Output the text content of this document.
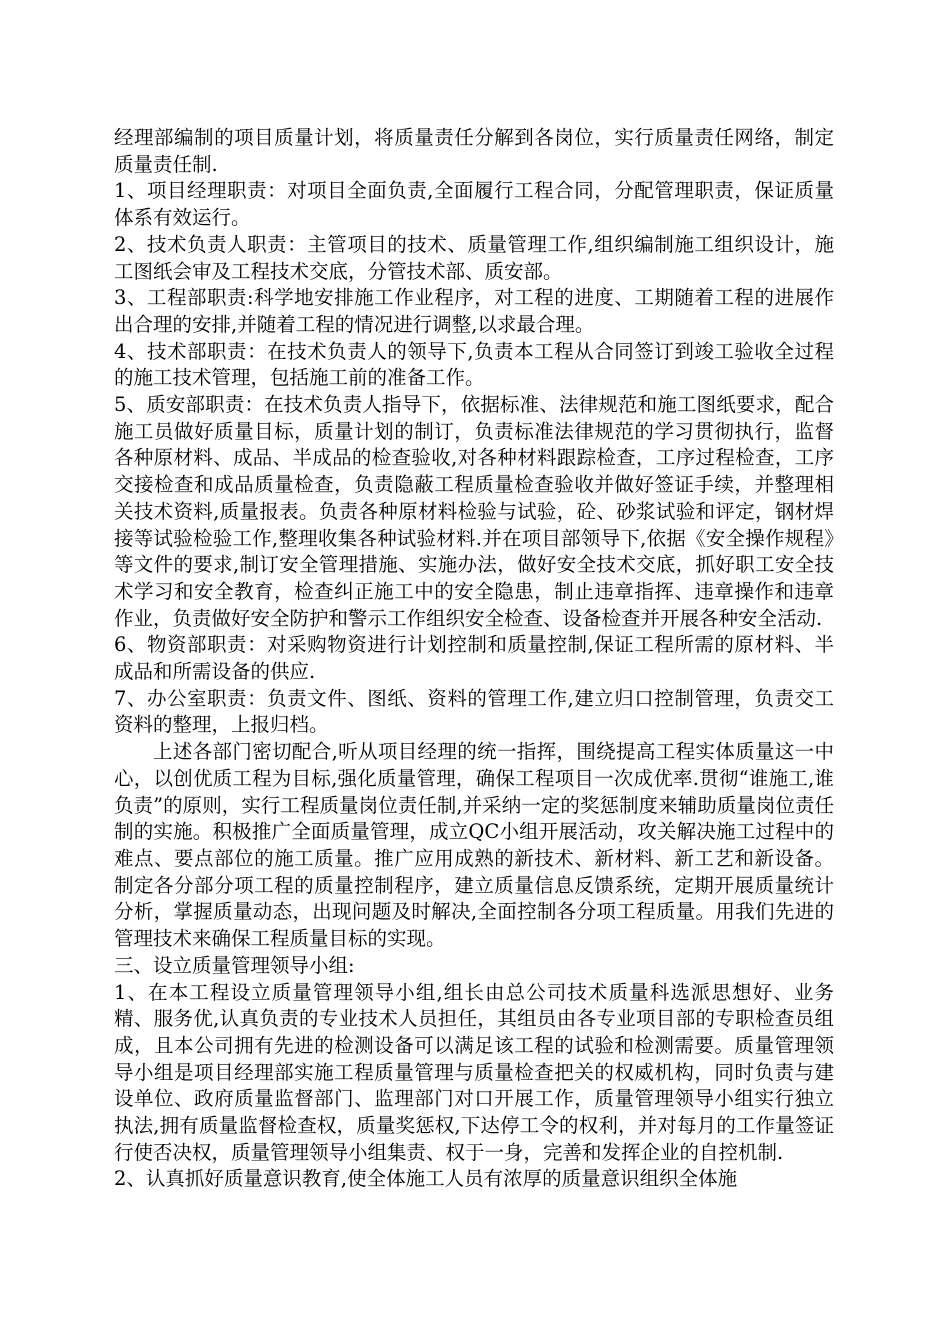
经理部编制的项目质量计划，将质量责任分解到各岗位，实行质量责任网络，制定质量责任制.

1、项目经理职责：对项目全面负责,全面履行工程合同，分配管理职责，保证质量体系有效运行。

2、技术负责人职责：主管项目的技术、质量管理工作,组织编制施工组织设计，施工图纸会审及工程技术交底，分管技术部、质安部。

3、工程部职责:科学地安排施工作业程序，对工程的进度、工期随着工程的进展作出合理的安排,并随着工程的情况进行调整,以求最合理。

4、技术部职责：在技术负责人的领导下,负责本工程从合同签订到竣工验收全过程的施工技术管理，包括施工前的准备工作。

5、质安部职责：在技术负责人指导下，依据标准、法律规范和施工图纸要求，配合施工员做好质量目标，质量计划的制订，负责标准法律规范的学习贯彻执行，监督各种原材料、成品、半成品的检查验收,对各种材料跟踪检查，工序过程检查，工序交接检查和成品质量检查，负责隐蔽工程质量检查验收并做好签证手续，并整理相关技术资料,质量报表。负责各种原材料检验与试验，砼、砂浆试验和评定，钢材焊接等试验检验工作,整理收集各种试验材料.并在项目部领导下,依据《安全操作规程》等文件的要求,制订安全管理措施、实施办法，做好安全技术交底，抓好职工安全技术学习和安全教育，检查纠正施工中的安全隐患，制止违章指挥、违章操作和违章作业，负责做好安全防护和警示工作组织安全检查、设备检查并开展各种安全活动.

6、物资部职责：对采购物资进行计划控制和质量控制,保证工程所需的原材料、半成品和所需设备的供应.

7、办公室职责：负责文件、图纸、资料的管理工作,建立归口控制管理，负责交工资料的整理，上报归档。

上述各部门密切配合,听从项目经理的统一指挥，围绕提高工程实体质量这一中心，以创优质工程为目标,强化质量管理，确保工程项目一次成优率.贯彻“谁施工,谁负责”的原则，实行工程质量岗位责任制,并采纳一定的奖惩制度来辅助质量岗位责任制的实施。积极推广全面质量管理，成立QC小组开展活动，攻关解决施工过程中的难点、要点部位的施工质量。推广应用成熟的新技术、新材料、新工艺和新设备。制定各分部分项工程的质量控制程序，建立质量信息反馈系统，定期开展质量统计分析，掌握质量动态，出现问题及时解决,全面控制各分项工程质量。用我们先进的管理技术来确保工程质量目标的实现。

三、设立质量管理领导小组:

1、在本工程设立质量管理领导小组,组长由总公司技术质量科选派思想好、业务精、服务优,认真负责的专业技术人员担任，其组员由各专业项目部的专职检查员组成，且本公司拥有先进的检测设备可以满足该工程的试验和检测需要。质量管理领导小组是项目经理部实施工程质量管理与质量检查把关的权威机构，同时负责与建设单位、政府质量监督部门、监理部门对口开展工作，质量管理领导小组实行独立执法,拥有质量监督检查权，质量奖惩权,下达停工令的权利，并对每月的工作量签证行使否决权，质量管理领导小组集责、权于一身，完善和发挥企业的自控机制.

2、认真抓好质量意识教育,使全体施工人员有浓厚的质量意识组织全体施
